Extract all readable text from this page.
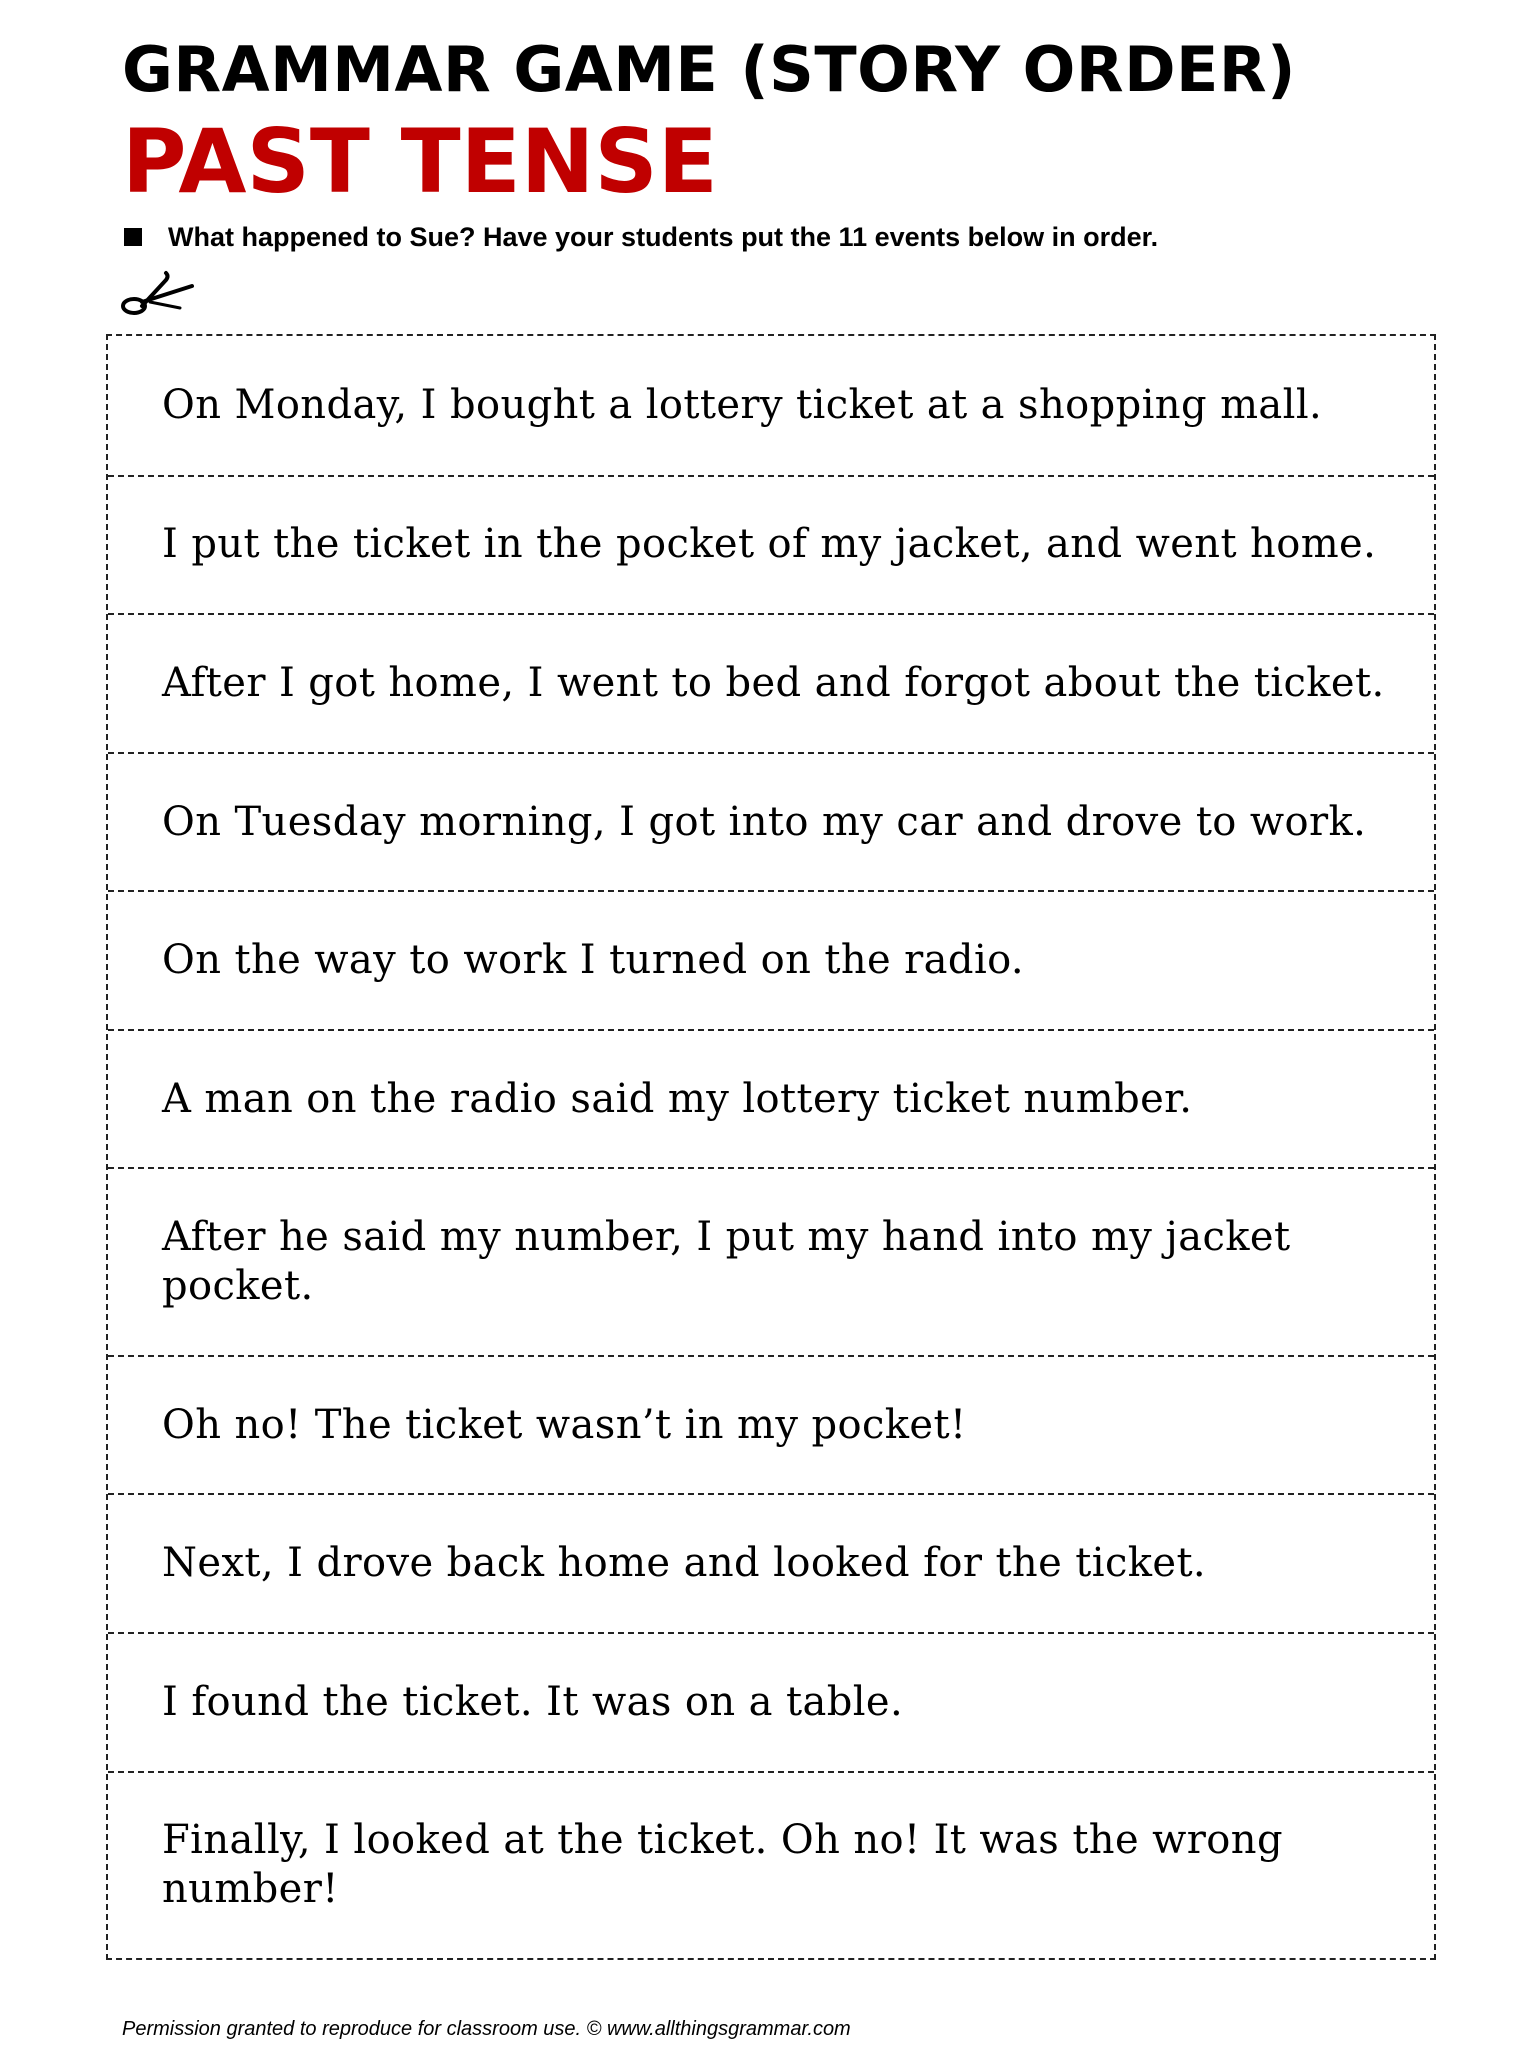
GRAMMAR GAME (STORY ORDER)
PAST TENSE
What happened to Sue? Have your students put the 11 events below in order.
On Monday, I bought a lottery ticket at a shopping mall.
I put the ticket in the pocket of my jacket, and went home.
After I got home, I went to bed and forgot about the ticket.
On Tuesday morning, I got into my car and drove to work.
On the way to work I turned on the radio.
A man on the radio said my lottery ticket number.
After he said my number, I put my hand into my jacket pocket.
Oh no! The ticket wasn’t in my pocket!
Next, I drove back home and looked for the ticket.
I found the ticket. It was on a table.
Finally, I looked at the ticket. Oh no! It was the wrong number!
Permission granted to reproduce for classroom use. © www.allthingsgrammar.com
